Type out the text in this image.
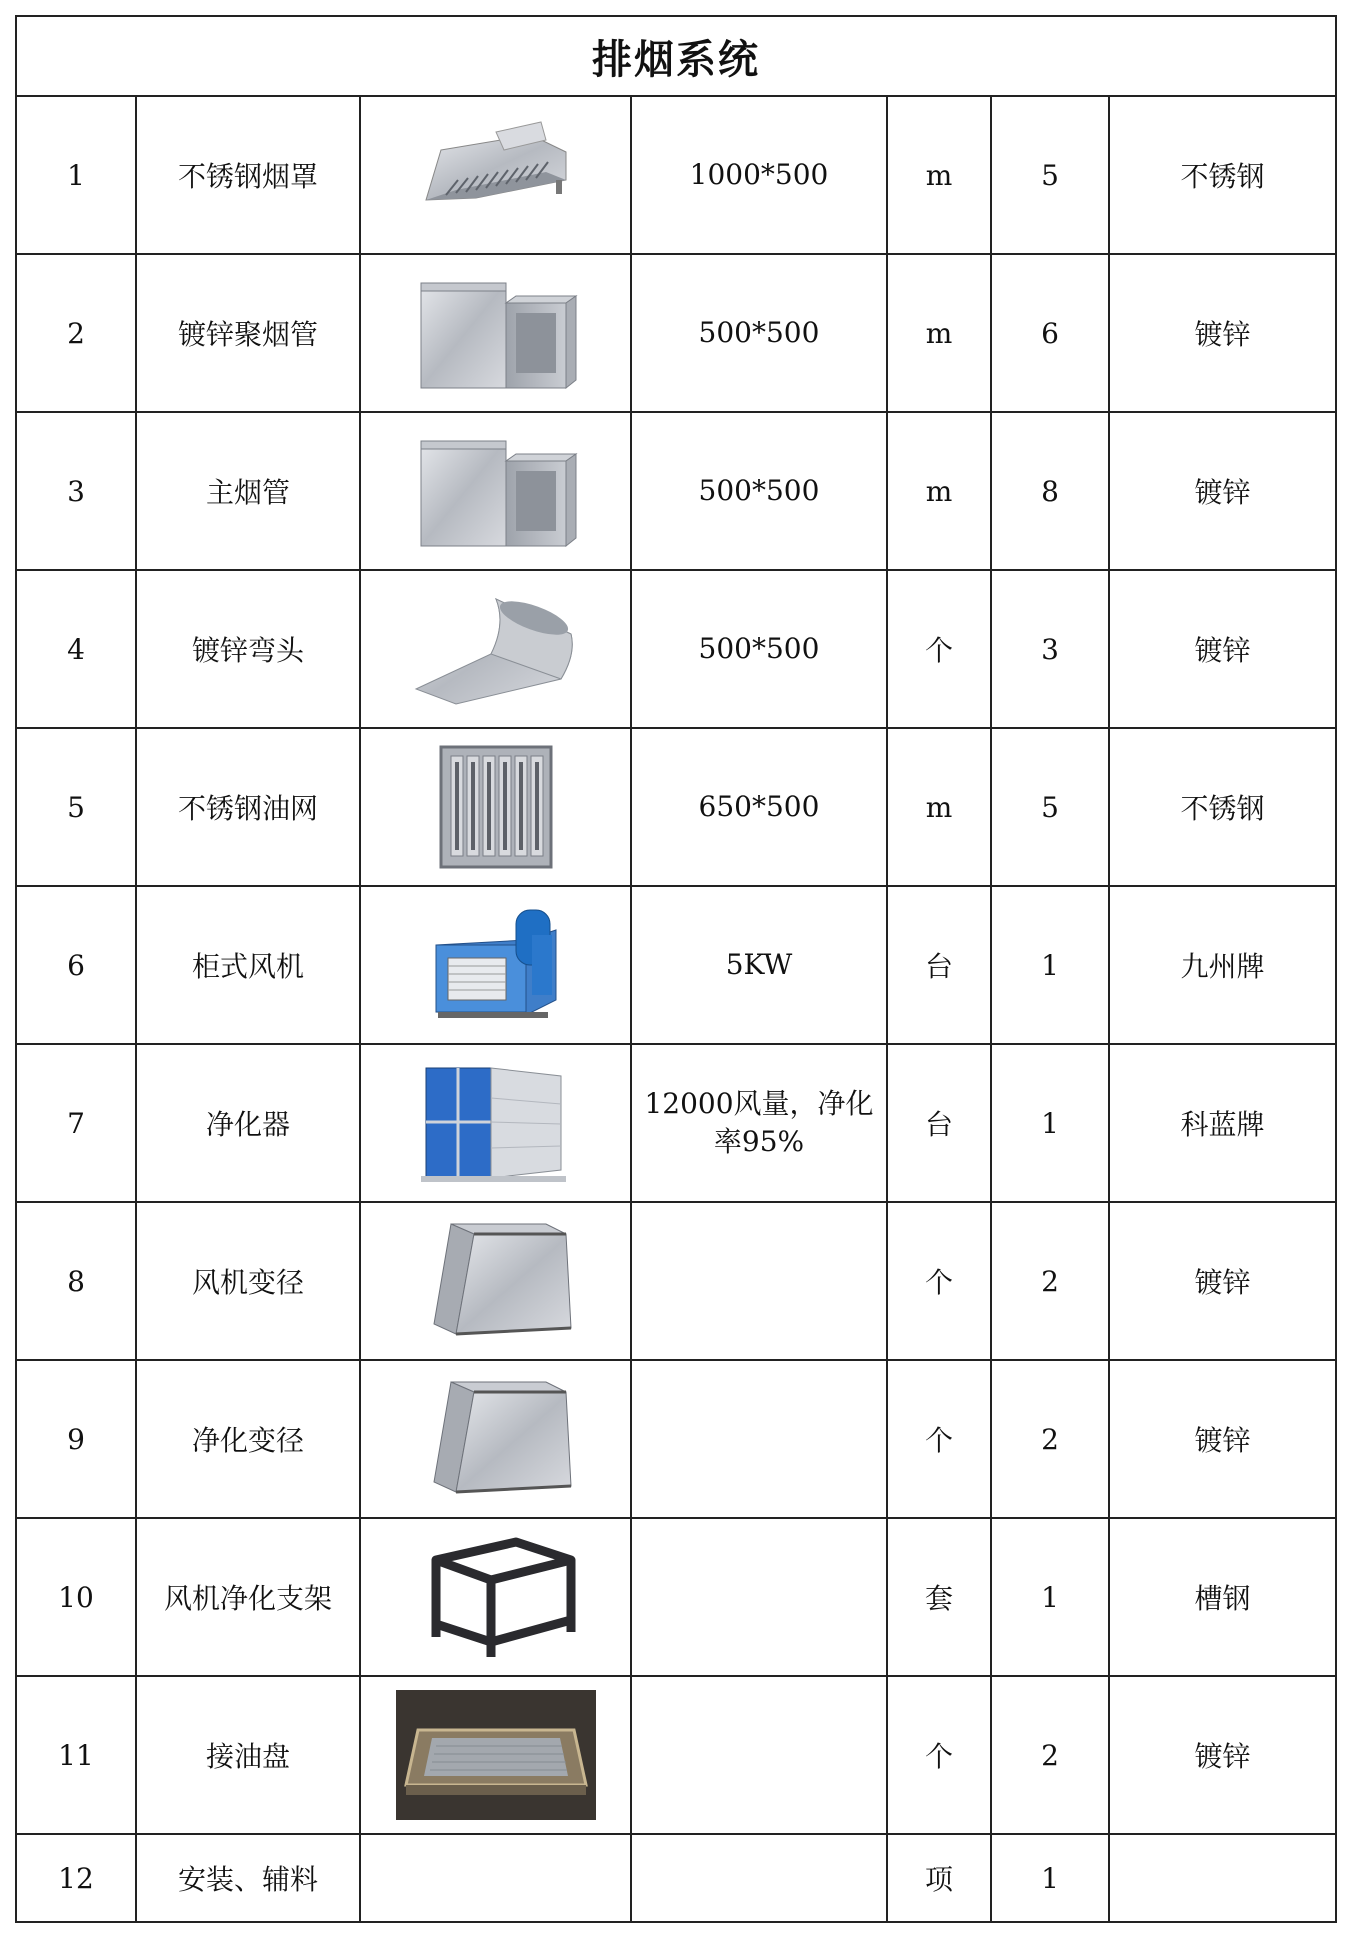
排烟系统						
1	不锈钢烟罩		1000*500	m	5	不锈钢
2	镀锌聚烟管		500*500	m	6	镀锌
3	主烟管		500*500	m	8	镀锌
4	镀锌弯头		500*500	个	3	镀锌
5	不锈钢油网		650*500	m	5	不锈钢
6	柜式风机		5KW	台	1	九州牌
7	净化器		12000风量，净化率95%	台	1	科蓝牌
8	风机变径			个	2	镀锌
9	净化变径			个	2	镀锌
10	风机净化支架			套	1	槽钢
11	接油盘			个	2	镀锌
12	安装、辅料			项	1	
